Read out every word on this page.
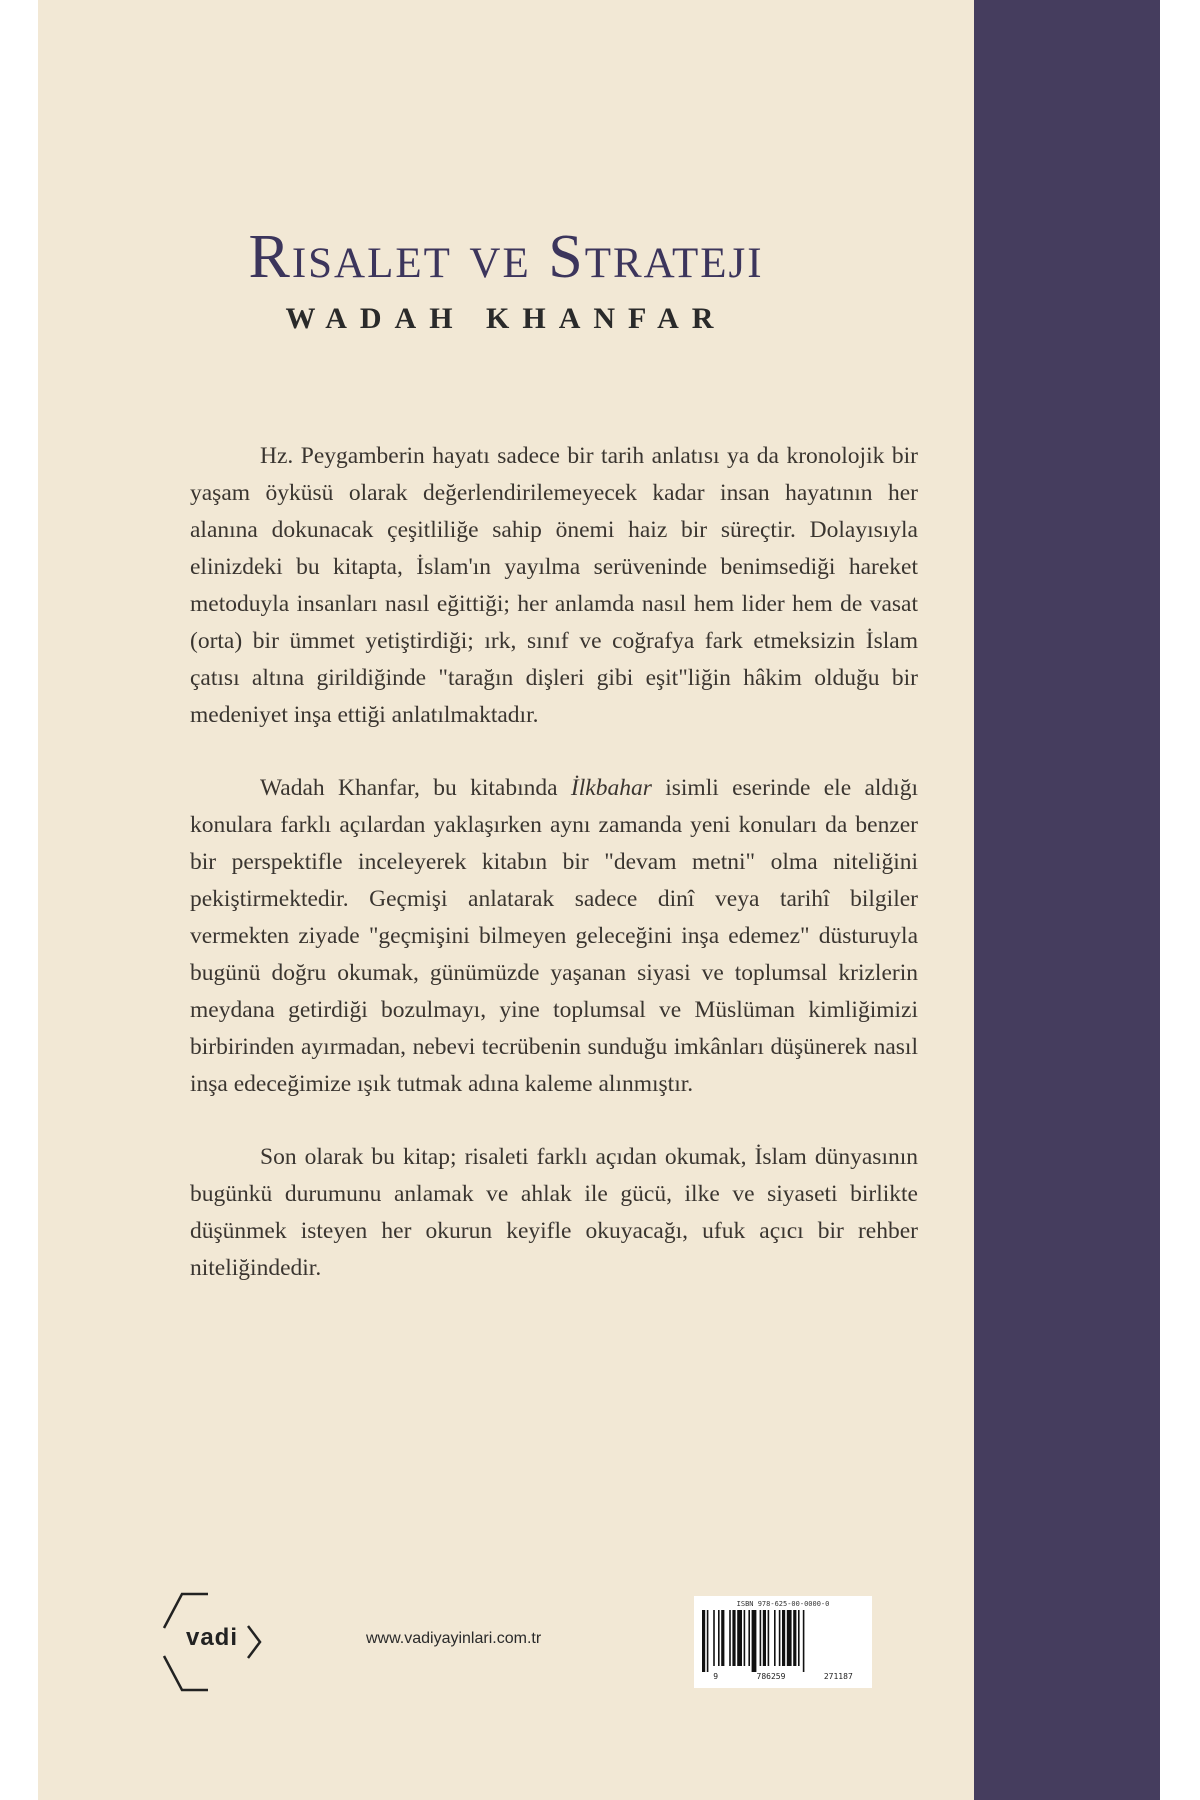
Risalet ve Strateji
WADAH KHANFAR

Hz. Peygamberin hayatı sadece bir tarih anlatısı ya da kronolojik bir yaşam öyküsü olarak değerlendirilemeyecek kadar insan hayatının her alanına dokunacak çeşitliliğe sahip önemi haiz bir süreçtir. Dolayısıyla elinizdeki bu kitapta, İslam'ın yayılma serüveninde benimsediği hareket metoduyla insanları nasıl eğittiği; her anlamda nasıl hem lider hem de vasat (orta) bir ümmet yetiştirdiği; ırk, sınıf ve coğrafya fark etmeksizin İslam çatısı altına girildiğinde "tarağın dişleri gibi eşit"liğin hâkim olduğu bir medeniyet inşa ettiği anlatılmaktadır.

Wadah Khanfar, bu kitabında İlkbahar isimli eserinde ele aldığı konulara farklı açılardan yaklaşırken aynı zamanda yeni konuları da benzer bir perspektifle inceleyerek kitabın bir "devam metni" olma niteliğini pekiştirmektedir. Geçmişi anlatarak sadece dinî veya tarihî bilgiler vermekten ziyade "geçmişini bilmeyen geleceğini inşa edemez" düsturuyla bugünü doğru okumak, günümüzde yaşanan siyasi ve toplumsal krizlerin meydana getirdiği bozulmayı, yine toplumsal ve Müslüman kimliğimizi birbirinden ayırmadan, nebevi tecrübenin sunduğu imkânları düşünerek nasıl inşa edeceğimize ışık tutmak adına kaleme alınmıştır.

Son olarak bu kitap; risaleti farklı açıdan okumak, İslam dünyasının bugünkü durumunu anlamak ve ahlak ile gücü, ilke ve siyaseti birlikte düşünmek isteyen her okurun keyifle okuyacağı, ufuk açıcı bir rehber niteliğindedir.

vadi	www.vadiyayinlari.com.tr
ISBN 978-625-00-0000-0
9	786259	271187
